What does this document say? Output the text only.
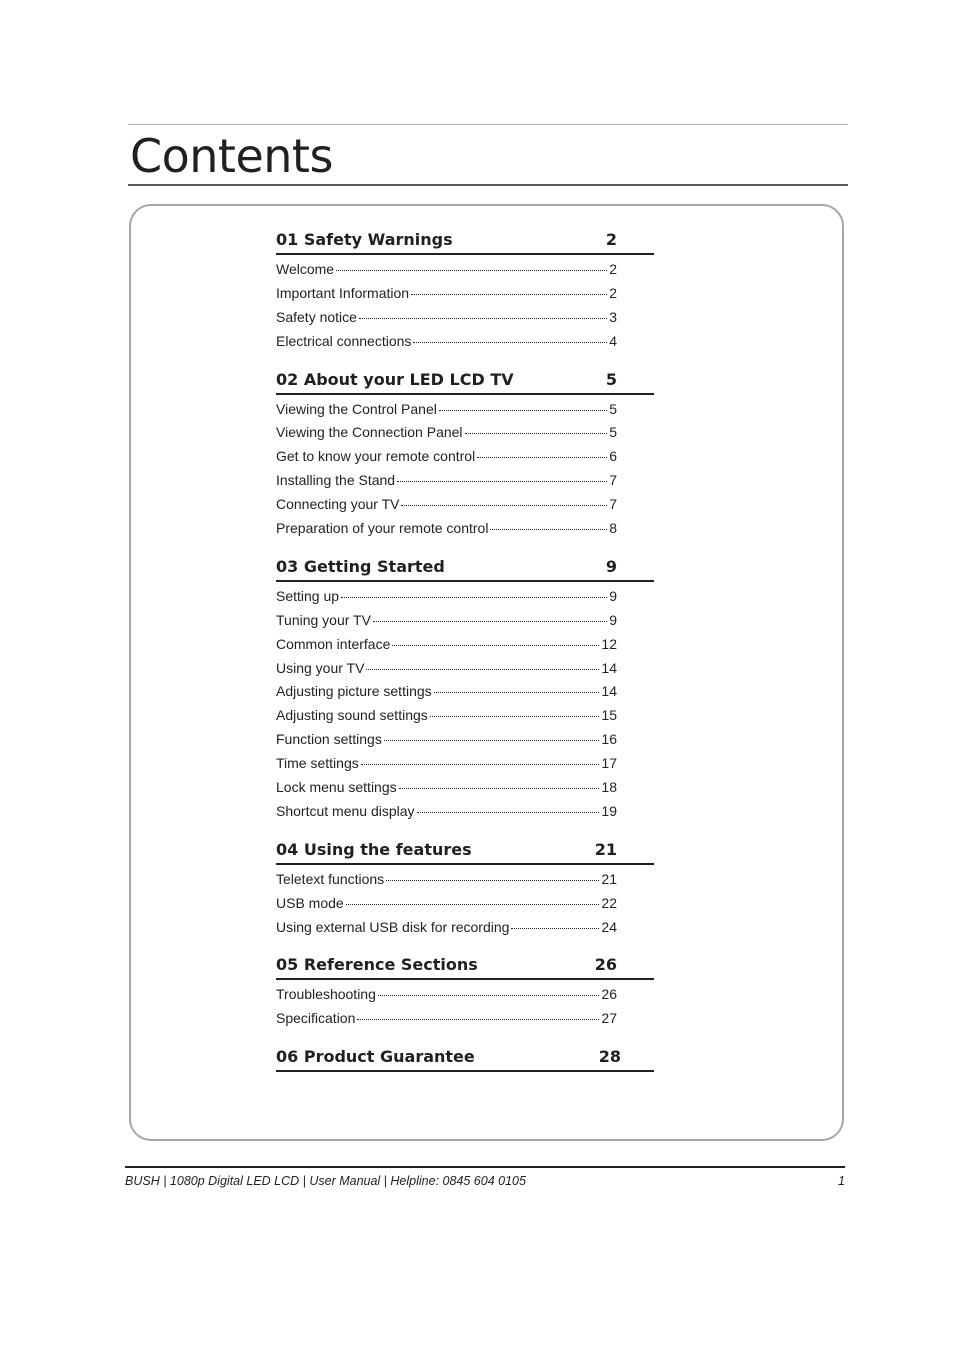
Contents
01 Safety Warnings	2
Welcome	2
Important Information	2
Safety notice	3
Electrical connections	4
02 About your LED LCD TV	5
Viewing the Control Panel	5
Viewing the Connection Panel	5
Get to know your remote control	6
Installing the Stand	7
Connecting your TV	7
Preparation of your remote control	8
03 Getting Started	9
Setting up	9
Tuning your TV	9
Common interface	12
Using your TV	14
Adjusting picture settings	14
Adjusting sound settings	15
Function settings	16
Time settings	17
Lock menu settings	18
Shortcut menu display	19
04 Using the features	21
Teletext functions	21
USB mode	22
Using external USB disk for recording	24
05 Reference Sections	26
Troubleshooting	26
Specification	27
06 Product Guarantee	28
BUSH | 1080p Digital LED LCD | User Manual | Helpline: 0845 604 0105	1
